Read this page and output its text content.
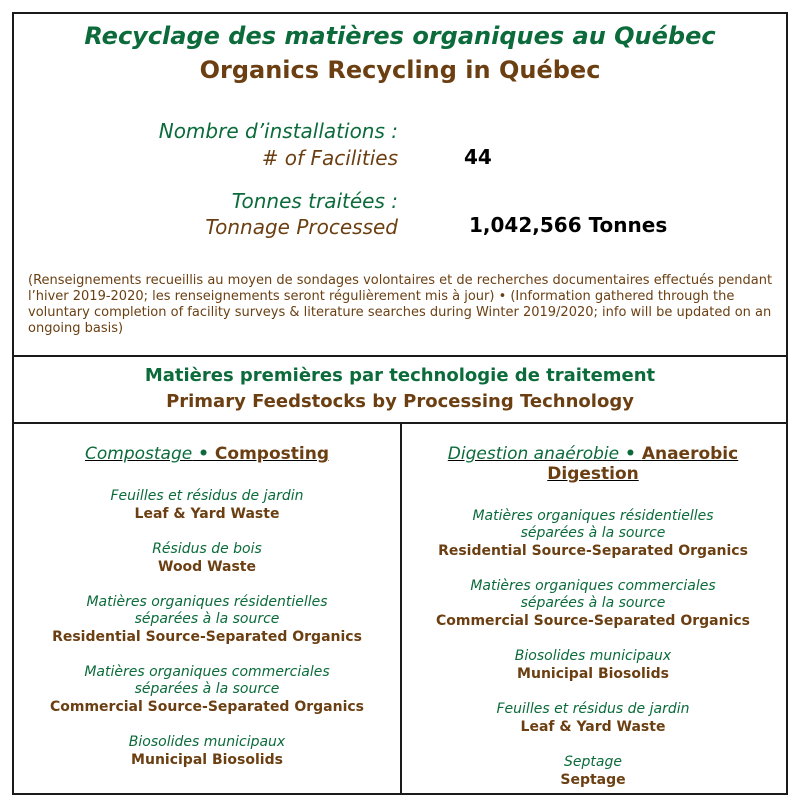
Recyclage des matières organiques au Québec
Organics Recycling in Québec
Nombre d’installations :
# of Facilities	44
Tonnes traitées :
Tonnage Processed	1,042,566 Tonnes
(Renseignements recueillis au moyen de sondages volontaires et de recherches documentaires effectués pendant l’hiver 2019-2020; les renseignements seront régulièrement mis à jour) • (Information gathered through the voluntary completion of facility surveys & literature searches during Winter 2019/2020; info will be updated on an ongoing basis)
Matières premières par technologie de traitement
Primary Feedstocks by Processing Technology
Compostage • Composting
Feuilles et résidus de jardin
Leaf & Yard Waste
Résidus de bois
Wood Waste
Matières organiques résidentielles
séparées à la source
Residential Source-Separated Organics
Matières organiques commerciales
séparées à la source
Commercial Source-Separated Organics
Biosolides municipaux
Municipal Biosolids
Digestion anaérobie • Anaerobic Digestion
Matières organiques résidentielles
séparées à la source
Residential Source-Separated Organics
Matières organiques commerciales
séparées à la source
Commercial Source-Separated Organics
Biosolides municipaux
Municipal Biosolids
Feuilles et résidus de jardin
Leaf & Yard Waste
Septage
Septage
